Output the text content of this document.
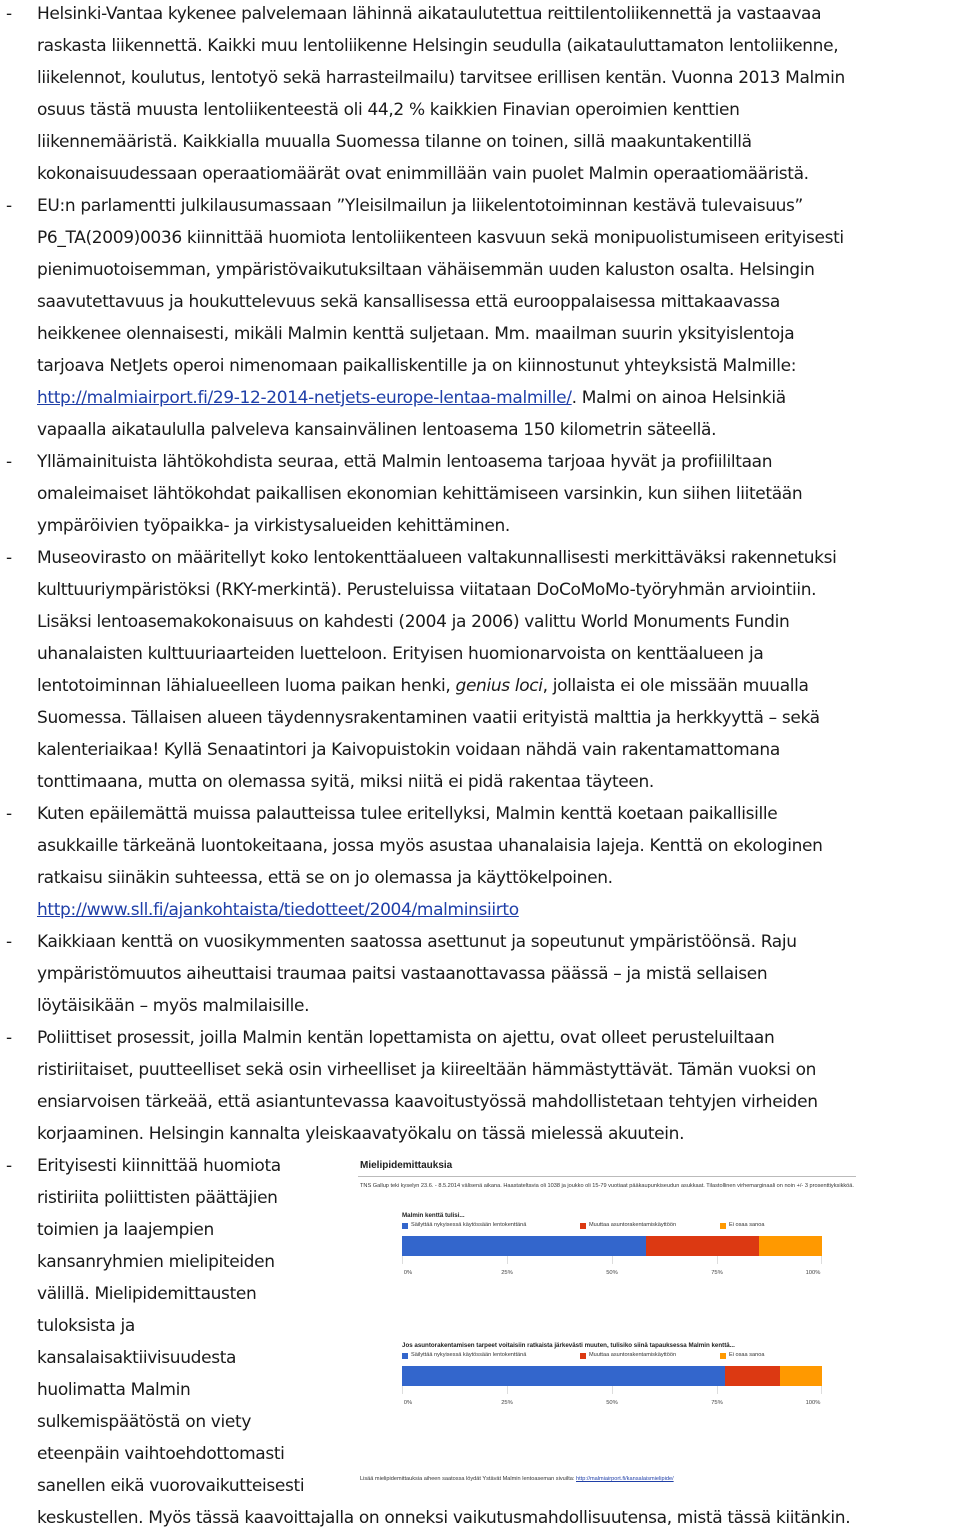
- Helsinki-Vantaa kykenee palvelemaan lähinnä aikataulutettua reittilentoliikennettä ja vastaavaa
raskasta liikennettä. Kaikki muu lentoliikenne Helsingin seudulla (aikatauluttamaton lentoliikenne,
liikelennot, koulutus, lentotyö sekä harrasteilmailu) tarvitsee erillisen kentän. Vuonna 2013 Malmin
osuus tästä muusta lentoliikenteestä oli 44,2 % kaikkien Finavian operoimien kenttien
liikennemääristä. Kaikkialla muualla Suomessa tilanne on toinen, sillä maakuntakentillä
kokonaisuudessaan operaatiomäärät ovat enimmillään vain puolet Malmin operaatiomääristä.
- EU:n parlamentti julkilausumassaan ”Yleisilmailun ja liikelentotoiminnan kestävä tulevaisuus”
P6_TA(2009)0036 kiinnittää huomiota lentoliikenteen kasvuun sekä monipuolistumiseen erityisesti
pienimuotoisemman, ympäristövaikutuksiltaan vähäisemmän uuden kaluston osalta. Helsingin
saavutettavuus ja houkuttelevuus sekä kansallisessa että eurooppalaisessa mittakaavassa
heikkenee olennaisesti, mikäli Malmin kenttä suljetaan. Mm. maailman suurin yksityislentoja
tarjoava NetJets operoi nimenomaan paikalliskentille ja on kiinnostunut yhteyksistä Malmille:
http://malmiairport.fi/29-12-2014-netjets-europe-lentaa-malmille/. Malmi on ainoa Helsinkiä
vapaalla aikataululla palveleva kansainvälinen lentoasema 150 kilometrin säteellä.
- Yllämainituista lähtökohdista seuraa, että Malmin lentoasema tarjoaa hyvät ja profiililtaan
omaleimaiset lähtökohdat paikallisen ekonomian kehittämiseen varsinkin, kun siihen liitetään
ympäröivien työpaikka- ja virkistysalueiden kehittäminen.
- Museovirasto on määritellyt koko lentokenttäalueen valtakunnallisesti merkittäväksi rakennetuksi
kulttuuriympäristöksi (RKY-merkintä). Perusteluissa viitataan DoCoMoMo-työryhmän arviointiin.
Lisäksi lentoasemakokonaisuus on kahdesti (2004 ja 2006) valittu World Monuments Fundin
uhanalaisten kulttuuriaarteiden luetteloon. Erityisen huomionarvoista on kenttäalueen ja
lentotoiminnan lähialueelleen luoma paikan henki, genius loci, jollaista ei ole missään muualla
Suomessa. Tällaisen alueen täydennysrakentaminen vaatii erityistä malttia ja herkkyyttä – sekä
kalenteriaikaa! Kyllä Senaatintori ja Kaivopuistokin voidaan nähdä vain rakentamattomana
tonttimaana, mutta on olemassa syitä, miksi niitä ei pidä rakentaa täyteen.
- Kuten epäilemättä muissa palautteissa tulee eritellyksi, Malmin kenttä koetaan paikallisille
asukkaille tärkeänä luontokeitaana, jossa myös asustaa uhanalaisia lajeja. Kenttä on ekologinen
ratkaisu siinäkin suhteessa, että se on jo olemassa ja käyttökelpoinen.
http://www.sll.fi/ajankohtaista/tiedotteet/2004/malminsiirto
- Kaikkiaan kenttä on vuosikymmenten saatossa asettunut ja sopeutunut ympäristöönsä. Raju
ympäristömuutos aiheuttaisi traumaa paitsi vastaanottavassa päässä – ja mistä sellaisen
löytäisikään – myös malmilaisille.
- Poliittiset prosessit, joilla Malmin kentän lopettamista on ajettu, ovat olleet perusteluiltaan
ristiriitaiset, puutteelliset sekä osin virheelliset ja kiireeltään hämmästyttävät. Tämän vuoksi on
ensiarvoisen tärkeää, että asiantuntevassa kaavoitustyössä mahdollistetaan tehtyjen virheiden
korjaaminen. Helsingin kannalta yleiskaavatyökalu on tässä mielessä akuutein.
- Erityisesti kiinnittää huomiota
ristiriita poliittisten päättäjien
toimien ja laajempien
kansanryhmien mielipiteiden
välillä. Mielipidemittausten
tuloksista ja
kansalaisaktiivisuudesta
huolimatta Malmin
sulkemispäätöstä on viety
eteenpäin vaihtoehdottomasti
sanellen eikä vuorovaikutteisesti
keskustellen. Myös tässä kaavoittajalla on onneksi vaikutusmahdollisuutensa, mistä tässä kiitänkin.
Mielipidemittauksia
TNS Gallup teki kyselyn 23.6. - 8.5.2014 välisenä aikana. Haastateltavia oli 1038 ja joukko oli 15-79 vuotiaat pääkaupunkiseudun asukkaat. Tilastollinen virhemarginaali on noin +/- 3 prosenttiyksikköä.
Malmin kenttä tulisi...
Säilyttää nykyisessä käytössään lentokenttänä	Muuttaa asuntorakentamiskäyttöön	Ei osaa sanoa
0%	25%	50%	75%	100%
Jos asuntorakentamisen tarpeet voitaisiin ratkaista järkevästi muuten, tulisiko siinä tapauksessa Malmin kenttä...
Säilyttää nykyisessä käytössään lentokenttänä	Muuttaa asuntorakentamiskäyttöön	Ei osaa sanoa
0%	25%	50%	75%	100%
Lisää mielipidemittauksia aiheen saatossa löydät Ystävät Malmin lentoaseman sivuilta: http://malmiairport.fi/kansalaismielipide/
